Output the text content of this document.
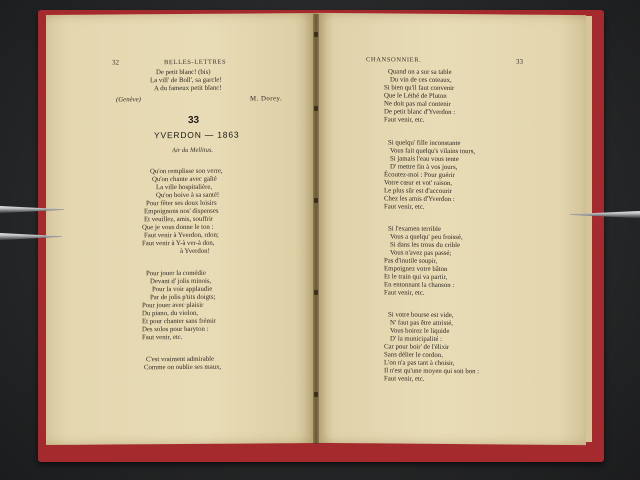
32	BELLES-LETTRES
De petit blanc! (bis)
La vill' de Boll', sa garcle!
A du fameux petit blanc!
(Genève)	M. Dorey.
33
YVERDON — 1863
Air du Mellitus.
Qu'on remplisse son verre,
Qu'on chante avec gaîté
La ville hospitalière,
Qu'on boive à sa santé!
Pour fêter ses doux loisirs
Empoignons nos' dispenses
Et veuillez, amis, souffrir
Que je vous donne le ton :
Faut venir à Yverdon, rdon;
Faut venir à Y-à ver-à don,
à Yverdon!
Pour jouer la comédie
Devant d' jolis minois,
Pour la voir applaudie
Par de jolis p'tits doigts;
Pour jouer avec plaisir
Du piano, du violon,
Et pour chanter sans frémir
Des solos pour baryton :
Faut venir, etc.
C'est vraiment admirable
Comme on oublie ses maux,
CHANSONNIER.	33
Quand on a sur sa table
Du vin de ces coteaux,
Si bien qu'il faut convenir
Que le Léthé de Pluton
Ne doit pas mal contenir
De petit blanc d'Yverdon :
Faut venir, etc.
Si quelqu' fille inconstante
Vous fait quelqu's vilains tours,
Si jamais l'eau vous tente
D' mettre fin à vos jours,
Écoutez-moi : Pour guérir
Votre cœur et vot' raison,
Le plus sûr est d'accourir
Chez les amis d'Yverdon :
Faut venir, etc.
Si l'examen terrible
Vous a quelqu' peu froissé,
Si dans les trous du crible
Vous n'avez pas passé;
Pas d'inutile soupir,
Empoignez votre bâton
Et le train qui va partir,
En entonnant la chanson :
Faut venir, etc.
Si votre bourse est vide,
N' faut pas être attristé,
Vous boirez le liquide
D' la municipalité :
Car pour boir' de l'élixir
Sans délier le cordon,
L'on n'a pas tant à choisir,
Il n'est qu'une moyen qui soit bon :
Faut venir, etc.
